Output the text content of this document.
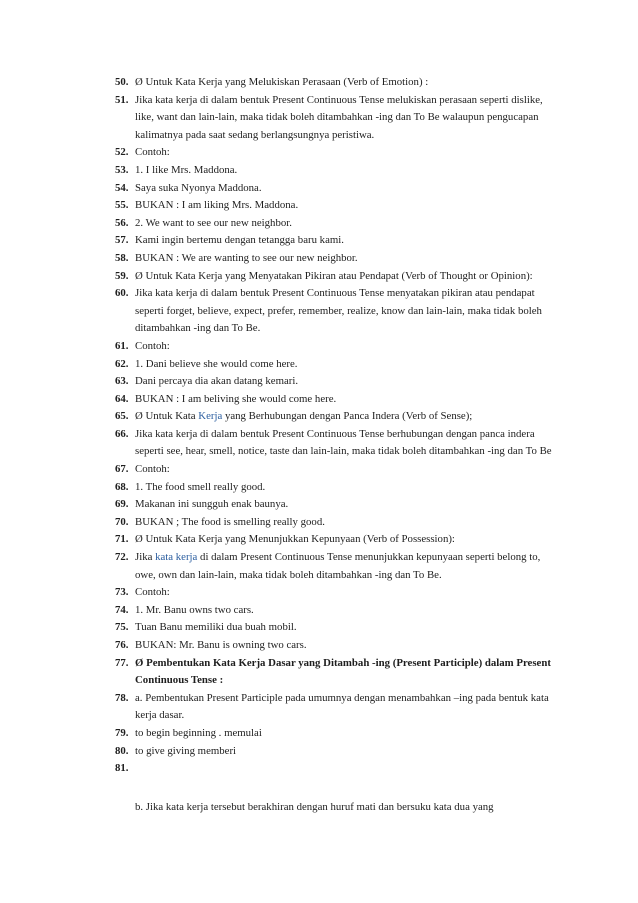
50. Ø Untuk Kata Kerja yang Melukiskan Perasaan (Verb of Emotion) :
51. Jika kata kerja di dalam bentuk Present Continuous Tense melukiskan perasaan seperti dislike, like, want dan lain-lain, maka tidak boleh ditambahkan -ing dan To Be walaupun pengucapan kalimatnya pada saat sedang berlangsungnya peristiwa.
52. Contoh:
53. 1. I like Mrs. Maddona.
54. Saya suka Nyonya Maddona.
55. BUKAN : I am liking Mrs. Maddona.
56. 2. We want to see our new neighbor.
57. Kami ingin bertemu dengan tetangga baru kami.
58. BUKAN : We are wanting to see our new neighbor.
59. Ø Untuk Kata Kerja yang Menyatakan Pikiran atau Pendapat (Verb of Thought or Opinion):
60. Jika kata kerja di dalam bentuk Present Continuous Tense menyatakan pikiran atau pendapat seperti forget, believe, expect, prefer, remember, realize, know dan lain-lain, maka tidak boleh ditambahkan -ing dan To Be.
61. Contoh:
62. 1. Dani believe she would come here.
63. Dani percaya dia akan datang kemari.
64. BUKAN : I am beliving she would come here.
65. Ø Untuk Kata Kerja yang Berhubungan dengan Panca Indera (Verb of Sense);
66. Jika kata kerja di dalam bentuk Present Continuous Tense berhubungan dengan panca indera seperti see, hear, smell, notice, taste dan lain-lain, maka tidak boleh ditambahkan -ing dan To Be
67. Contoh:
68. 1. The food smell really good.
69. Makanan ini sungguh enak baunya.
70. BUKAN ; The food is smelling really good.
71. Ø Untuk Kata Kerja yang Menunjukkan Kepunyaan (Verb of Possession):
72. Jika kata kerja di dalam Present Continuous Tense menunjukkan kepunyaan seperti belong to, owe, own dan lain-lain, maka tidak boleh ditambahkan -ing dan To Be.
73. Contoh:
74. 1. Mr. Banu owns two cars.
75. Tuan Banu memiliki dua buah mobil.
76. BUKAN: Mr. Banu is owning two cars.
77. Ø Pembentukan Kata Kerja Dasar yang Ditambah -ing (Present Participle) dalam Present Continuous Tense :
78. a. Pembentukan Present Participle pada umumnya dengan menambahkan –ing pada bentuk kata kerja dasar.
79. to begin beginning . memulai
80. to give giving memberi
81.
b. Jika kata kerja tersebut berakhiran dengan huruf mati dan bersuku kata dua yang
